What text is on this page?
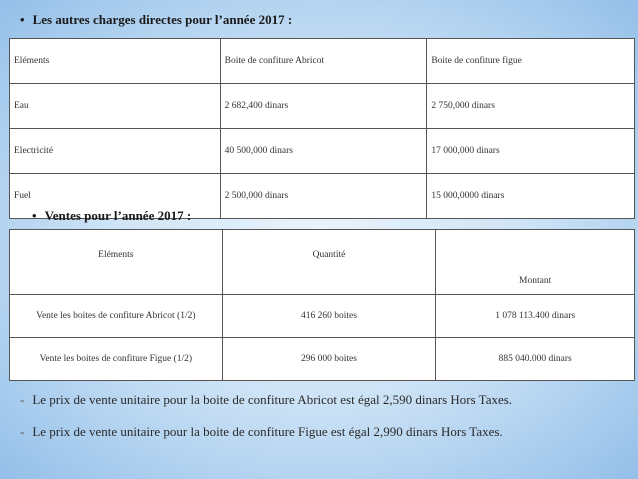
• Les autres charges directes pour l’année 2017 :
Eléments	Boite de confiture Abricot	Boite de confiture figue
Eau	2 682,400 dinars	2 750,000 dinars
Electricité	40 500,000 dinars	17 000,000 dinars
Fuel	2 500,000 dinars	15 000,0000 dinars
• Ventes pour l’année 2017 :
Eléments	Quantité	Montant
Vente les boites de confiture Abricot (1/2)	416 260 boites	1 078 113.400 dinars
Vente les boites de confiture Figue (1/2)	296 000 boites	885 040.000 dinars
- Le prix de vente unitaire pour la boite de confiture Abricot est égal 2,590 dinars Hors Taxes.
- Le prix de vente unitaire pour la boite de confiture Figue est égal 2,990 dinars Hors Taxes.
